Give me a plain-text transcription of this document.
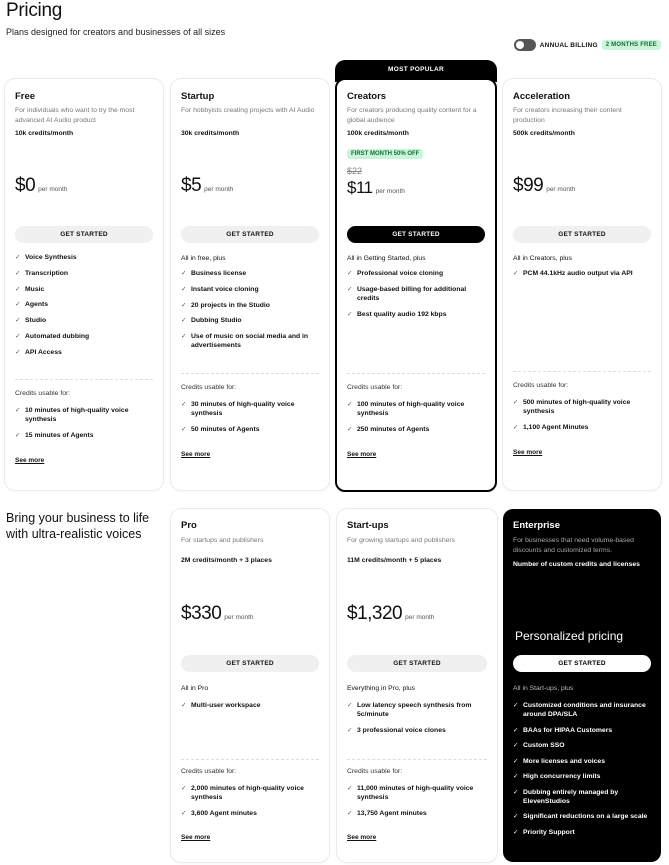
Pricing
Plans designed for creators and businesses of all sizes
ANNUAL BILLING	2 MONTHS FREE
MOST POPULAR
Free
For individuals who want to try the most advanced AI Audio product
10k credits/month
$0 per month
GET STARTED
✓ Voice Synthesis
✓ Transcription
✓ Music
✓ Agents
✓ Studio
✓ Automated dubbing
✓ API Access
Credits usable for:
✓ 10 minutes of high-quality voice synthesis
✓ 15 minutes of Agents
See more
Startup
For hobbyists creating projects with AI Audio
30k credits/month
$5 per month
GET STARTED
All in free, plus
✓ Business license
✓ Instant voice cloning
✓ 20 projects in the Studio
✓ Dubbing Studio
✓ Use of music on social media and in advertisements
Credits usable for:
✓ 30 minutes of high-quality voice synthesis
✓ 50 minutes of Agents
See more
Creators
For creators producing quality content for a global audience
100k credits/month
FIRST MONTH 50% OFF
$22
$11 per month
GET STARTED
All in Getting Started, plus
✓ Professional voice cloning
✓ Usage-based billing for additional credits
✓ Best quality audio 192 kbps
Credits usable for:
✓ 100 minutes of high-quality voice synthesis
✓ 250 minutes of Agents
See more
Acceleration
For creators increasing their content production
500k credits/month
$99 per month
GET STARTED
All in Creators, plus
✓ PCM 44.1kHz audio output via API
Credits usable for:
✓ 500 minutes of high-quality voice synthesis
✓ 1,100 Agent Minutes
See more
Bring your business to life
with ultra-realistic voices
Pro
For startups and publishers
2M credits/month + 3 places
$330 per month
GET STARTED
All in Pro
✓ Multi-user workspace
Credits usable for:
✓ 2,000 minutes of high-quality voice synthesis
✓ 3,600 Agent minutes
See more
Start-ups
For growing startups and publishers
11M credits/month + 5 places
$1,320 per month
GET STARTED
Everything in Pro, plus
✓ Low latency speech synthesis from 5c/minute
✓ 3 professional voice clones
Credits usable for:
✓ 11,000 minutes of high-quality voice synthesis
✓ 13,750 Agent minutes
See more
Enterprise
For businesses that need volume-based discounts and customized terms.
Number of custom credits and licenses
Personalized pricing
GET STARTED
All in Start-ups, plus
✓ Customized conditions and insurance around DPA/SLA
✓ BAAs for HIPAA Customers
✓ Custom SSO
✓ More licenses and voices
✓ High concurrency limits
✓ Dubbing entirely managed by ElevenStudios
✓ Significant reductions on a large scale
✓ Priority Support
